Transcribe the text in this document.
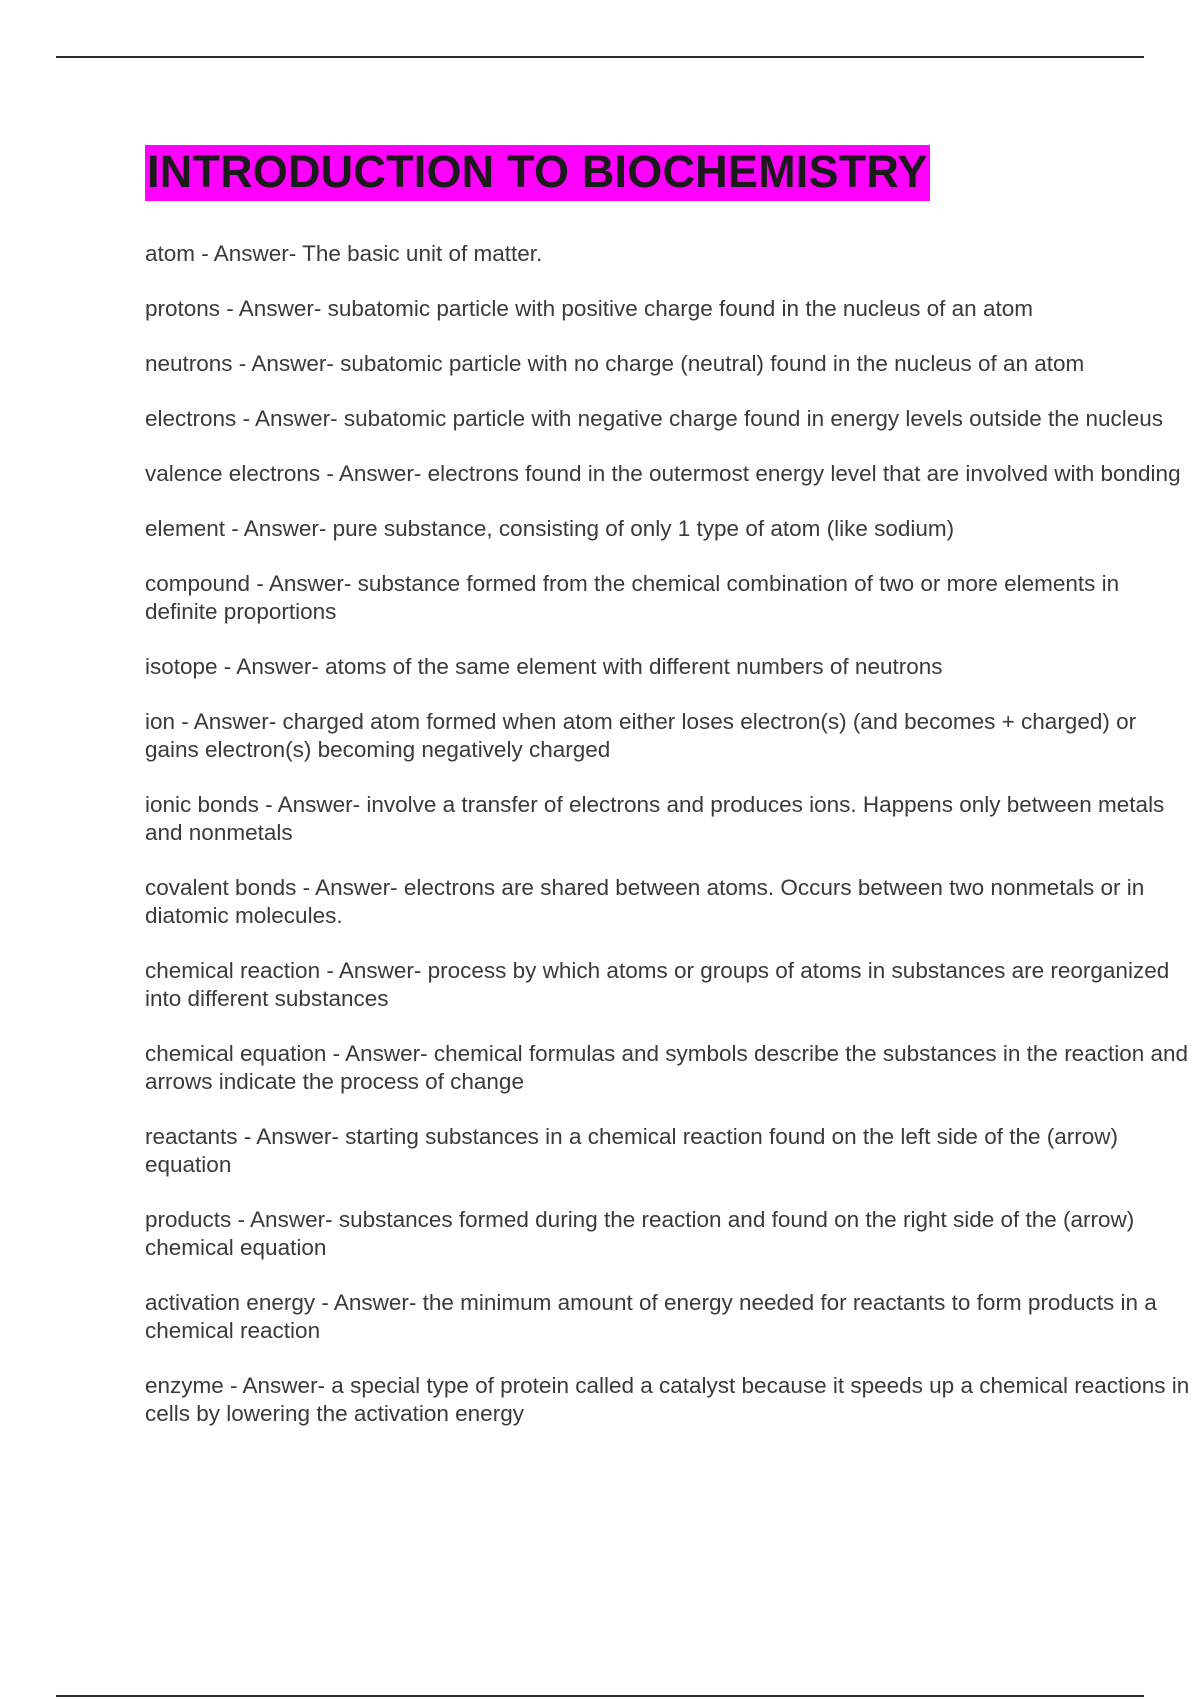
INTRODUCTION TO BIOCHEMISTRY
atom - Answer- The basic unit of matter.
protons - Answer- subatomic particle with positive charge found in the nucleus of an atom
neutrons - Answer- subatomic particle with no charge (neutral) found in the nucleus of an atom
electrons - Answer- subatomic particle with negative charge found in energy levels outside the nucleus
valence electrons - Answer- electrons found in the outermost energy level that are involved with bonding
element - Answer- pure substance, consisting of only 1 type of atom (like sodium)
compound - Answer- substance formed from the chemical combination of two or more elements in definite proportions
isotope - Answer- atoms of the same element with different numbers of neutrons
ion - Answer- charged atom formed when atom either loses electron(s) (and becomes + charged) or gains electron(s) becoming negatively charged
ionic bonds - Answer- involve a transfer of electrons and produces ions. Happens only between metals and nonmetals
covalent bonds - Answer- electrons are shared between atoms. Occurs between two nonmetals or in diatomic molecules.
chemical reaction - Answer- process by which atoms or groups of atoms in substances are reorganized into different substances
chemical equation - Answer- chemical formulas and symbols describe the substances in the reaction and arrows indicate the process of change
reactants - Answer- starting substances in a chemical reaction found on the left side of the (arrow) equation
products - Answer- substances formed during the reaction and found on the right side of the (arrow) chemical equation
activation energy - Answer- the minimum amount of energy needed for reactants to form products in a chemical reaction
enzyme - Answer- a special type of protein called a catalyst because it speeds up a chemical reactions in cells by lowering the activation energy
